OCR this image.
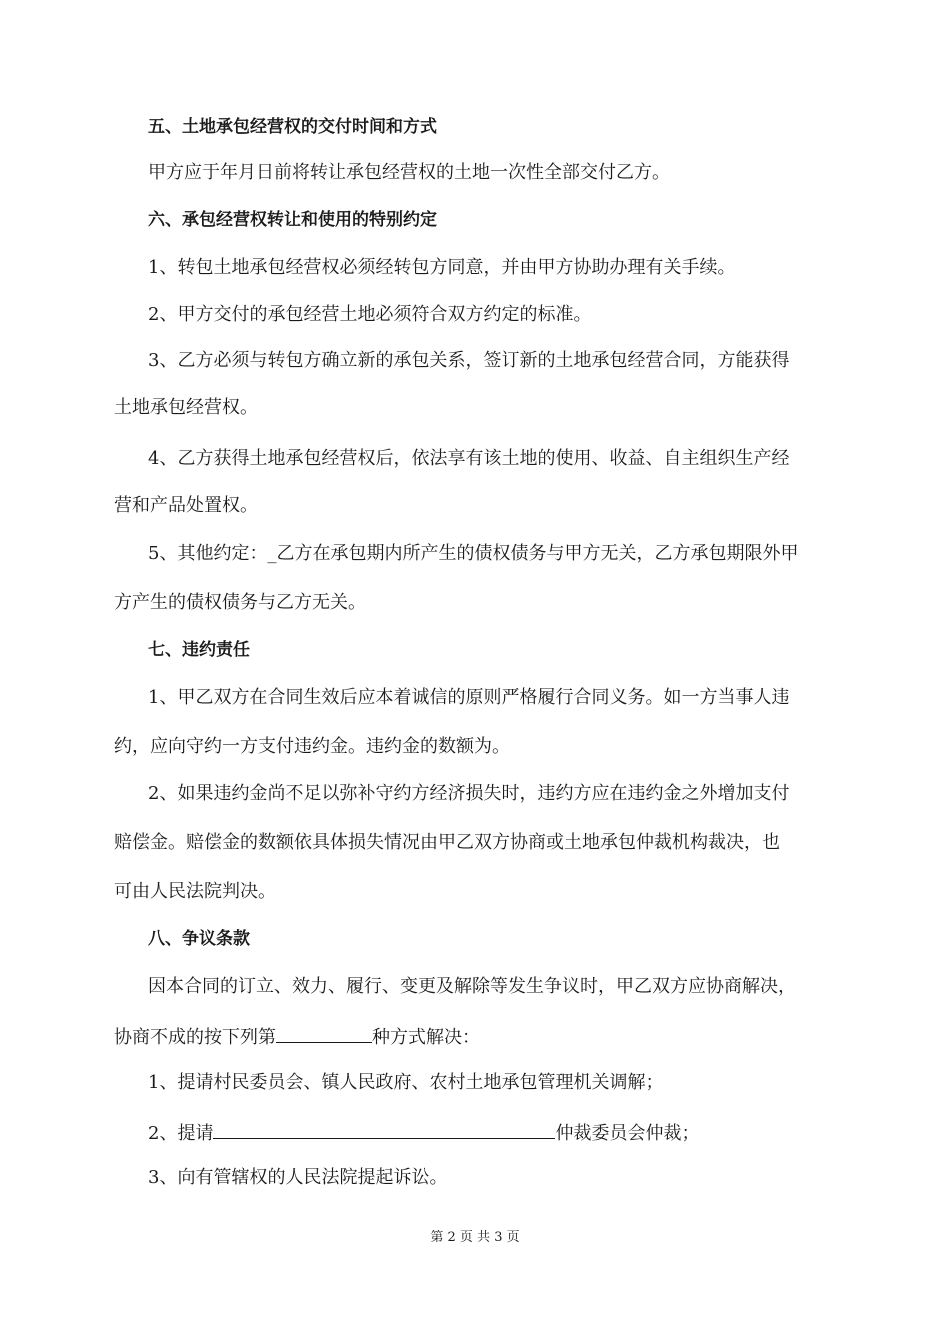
五、土地承包经营权的交付时间和方式
甲方应于年月日前将转让承包经营权的土地一次性全部交付乙方。
六、承包经营权转让和使用的特别约定
1、转包土地承包经营权必须经转包方同意，并由甲方协助办理有关手续。
2、甲方交付的承包经营土地必须符合双方约定的标准。
3、乙方必须与转包方确立新的承包关系，签订新的土地承包经营合同，方能获得
土地承包经营权。
4、乙方获得土地承包经营权后，依法享有该土地的使用、收益、自主组织生产经
营和产品处置权。
5、其他约定：_乙方在承包期内所产生的债权债务与甲方无关，乙方承包期限外甲
方产生的债权债务与乙方无关。
七、违约责任
1、甲乙双方在合同生效后应本着诚信的原则严格履行合同义务。如一方当事人违
约，应向守约一方支付违约金。违约金的数额为。
2、如果违约金尚不足以弥补守约方经济损失时，违约方应在违约金之外增加支付
赔偿金。赔偿金的数额依具体损失情况由甲乙双方协商或土地承包仲裁机构裁决，也
可由人民法院判决。
八、争议条款
因本合同的订立、效力、履行、变更及解除等发生争议时，甲乙双方应协商解决，
协商不成的按下列第	种方式解决：
1、提请村民委员会、镇人民政府、农村土地承包管理机关调解；
2、提请	仲裁委员会仲裁；
3、向有管辖权的人民法院提起诉讼。
第 2 页 共 3 页
